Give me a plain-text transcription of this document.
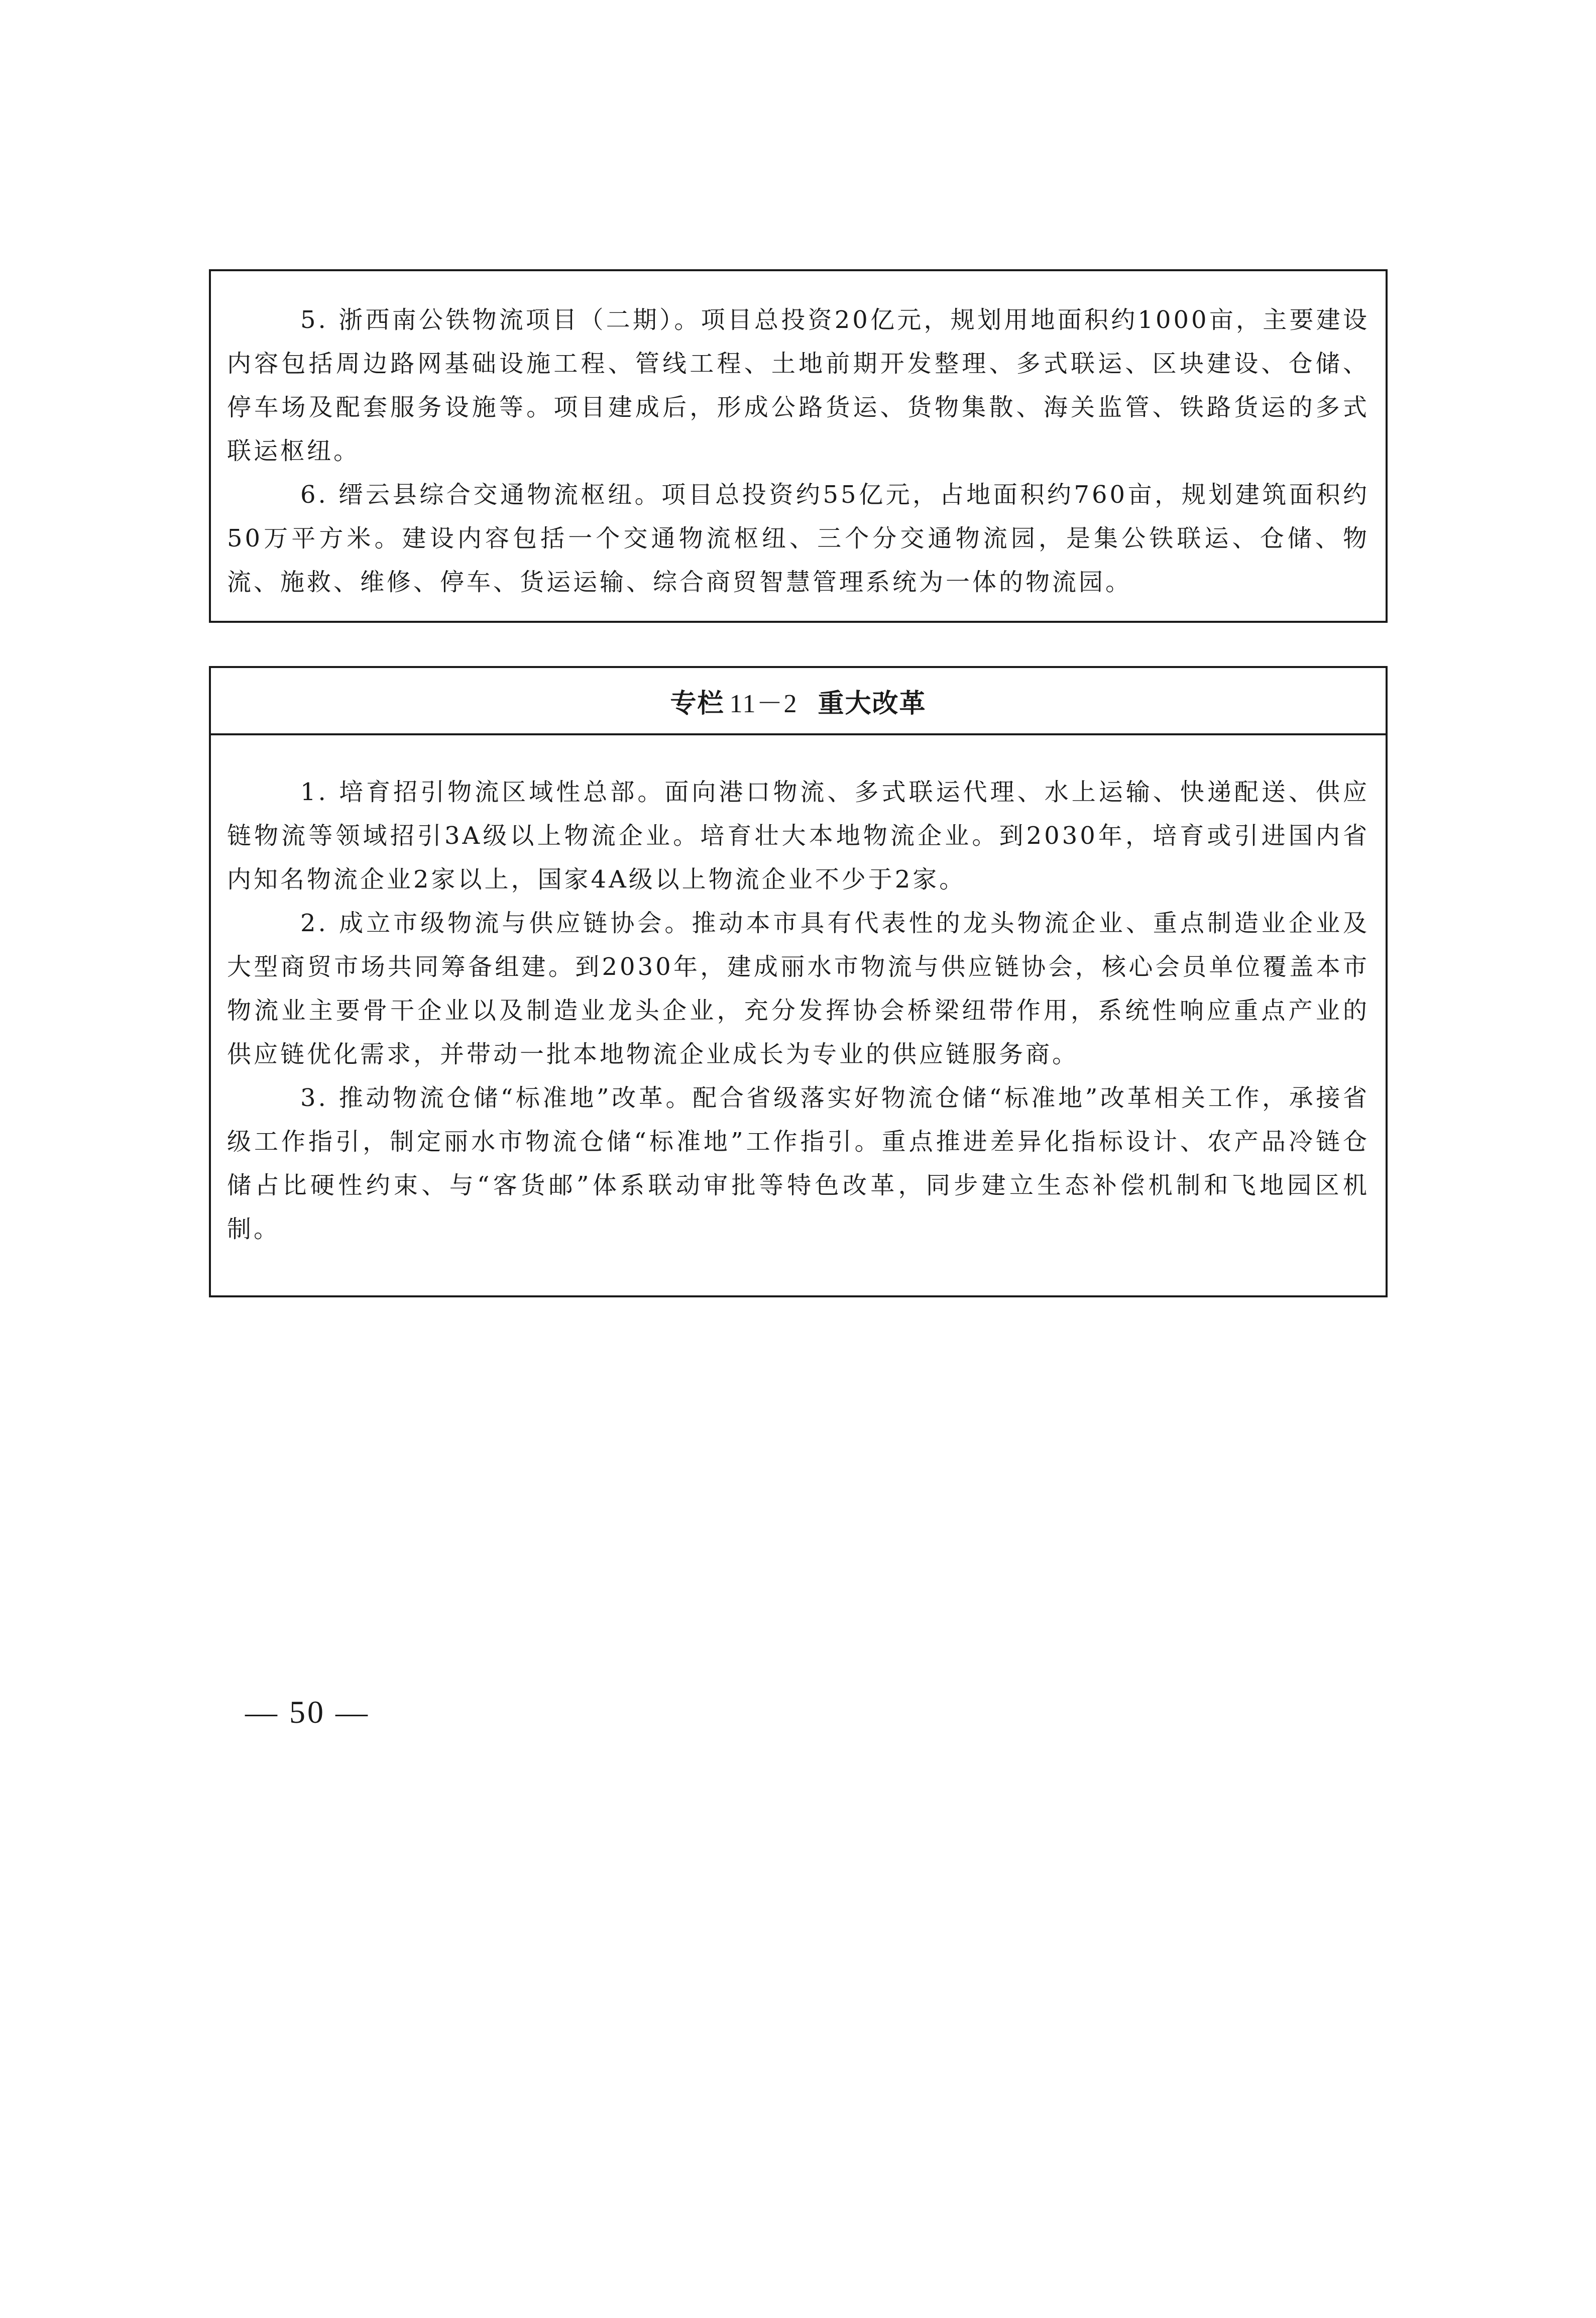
5. 浙西南公铁物流项目（二期）。项目总投资20亿元，规划用地面积约1000亩，主要建设内容包括周边路网基础设施工程、管线工程、土地前期开发整理、多式联运、区块建设、仓储、停车场及配套服务设施等。项目建成后，形成公路货运、货物集散、海关监管、铁路货运的多式联运枢纽。

6. 缙云县综合交通物流枢纽。项目总投资约55亿元，占地面积约760亩，规划建筑面积约50万平方米。建设内容包括一个交通物流枢纽、三个分交通物流园，是集公铁联运、仓储、物流、施救、维修、停车、货运运输、综合商贸智慧管理系统为一体的物流园。

专栏 11－2 重大改革

1. 培育招引物流区域性总部。面向港口物流、多式联运代理、水上运输、快递配送、供应链物流等领域招引3A级以上物流企业。培育壮大本地物流企业。到2030年，培育或引进国内省内知名物流企业2家以上，国家4A级以上物流企业不少于2家。

2. 成立市级物流与供应链协会。推动本市具有代表性的龙头物流企业、重点制造业企业及大型商贸市场共同筹备组建。到2030年，建成丽水市物流与供应链协会，核心会员单位覆盖本市物流业主要骨干企业以及制造业龙头企业，充分发挥协会桥梁纽带作用，系统性响应重点产业的供应链优化需求，并带动一批本地物流企业成长为专业的供应链服务商。

3. 推动物流仓储“标准地”改革。配合省级落实好物流仓储“标准地”改革相关工作，承接省级工作指引，制定丽水市物流仓储“标准地”工作指引。重点推进差异化指标设计、农产品冷链仓储占比硬性约束、与“客货邮”体系联动审批等特色改革，同步建立生态补偿机制和飞地园区机制。

— 50 —
